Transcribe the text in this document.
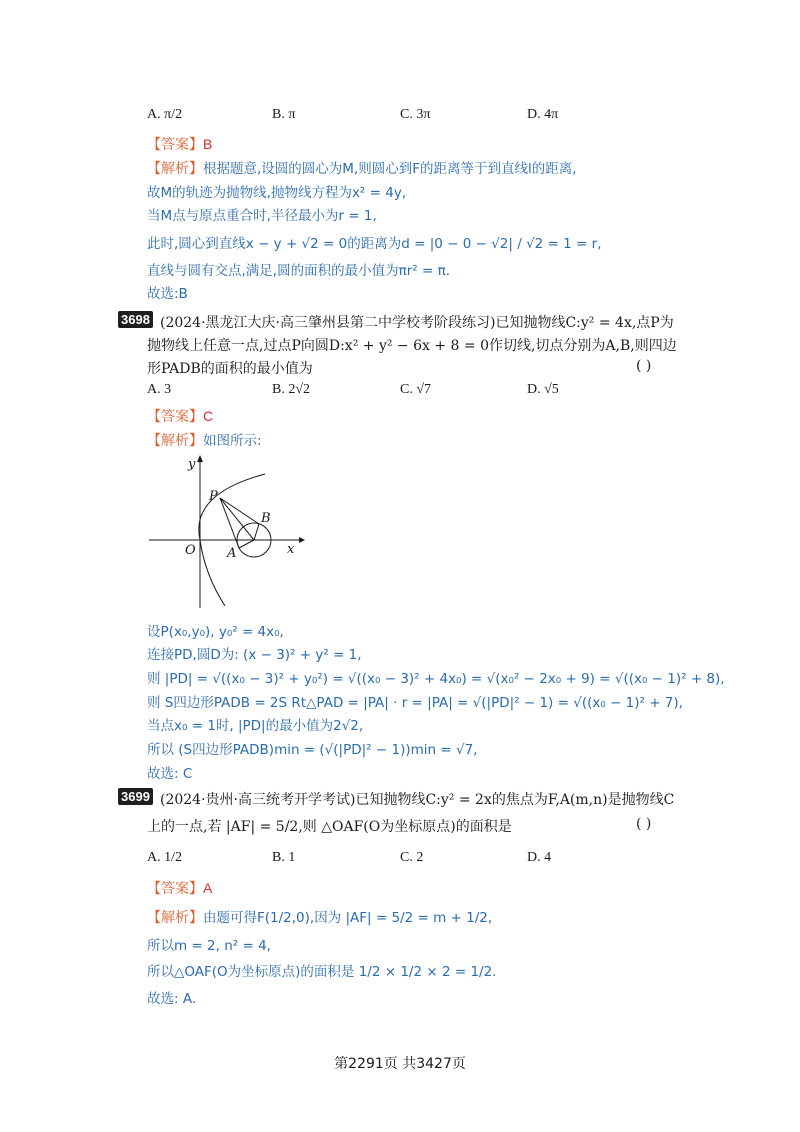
A. π/2	B. π	C. 3π	D. 4π
【答案】B
【解析】根据题意,设圆的圆心为M,则圆心到F的距离等于到直线l的距离,
故M的轨迹为抛物线,抛物线方程为x² = 4y,
当M点与原点重合时,半径最小为r = 1,
此时,圆心到直线x − y + √2 = 0的距离为d = |0 − 0 − √2| / √2 = 1 = r,
直线与圆有交点,满足,圆的面积的最小值为πr² = π.
故选:B
3698 (2024·黑龙江大庆·高三肇州县第二中学校考阶段练习)已知抛物线C:y² = 4x,点P为
抛物线上任意一点,过点P向圆D:x² + y² − 6x + 8 = 0作切线,切点分别为A,B,则四边
形PADB的面积的最小值为	( )
A. 3	B. 2√2	C. √7	D. √5
【答案】C
【解析】如图所示:
y
x
O
P
A
B
设P(x₀,y₀), y₀² = 4x₀,
连接PD,圆D为: (x − 3)² + y² = 1,
则 |PD| = √((x₀ − 3)² + y₀²) = √((x₀ − 3)² + 4x₀) = √(x₀² − 2x₀ + 9) = √((x₀ − 1)² + 8),
则 S四边形PADB = 2S Rt△PAD = |PA| · r = |PA| = √(|PD|² − 1) = √((x₀ − 1)² + 7),
当点x₀ = 1时, |PD|的最小值为2√2,
所以 (S四边形PADB)min = (√(|PD|² − 1))min = √7,
故选: C
3699 (2024·贵州·高三统考开学考试)已知抛物线C:y² = 2x的焦点为F,A(m,n)是抛物线C
上的一点,若 |AF| = 5/2,则 △OAF(O为坐标原点)的面积是	( )
A. 1/2	B. 1	C. 2	D. 4
【答案】A
【解析】由题可得F(1/2,0),因为 |AF| = 5/2 = m + 1/2,
所以m = 2, n² = 4,
所以△OAF(O为坐标原点)的面积是 1/2 × 1/2 × 2 = 1/2.
故选: A.
第2291页 共3427页
